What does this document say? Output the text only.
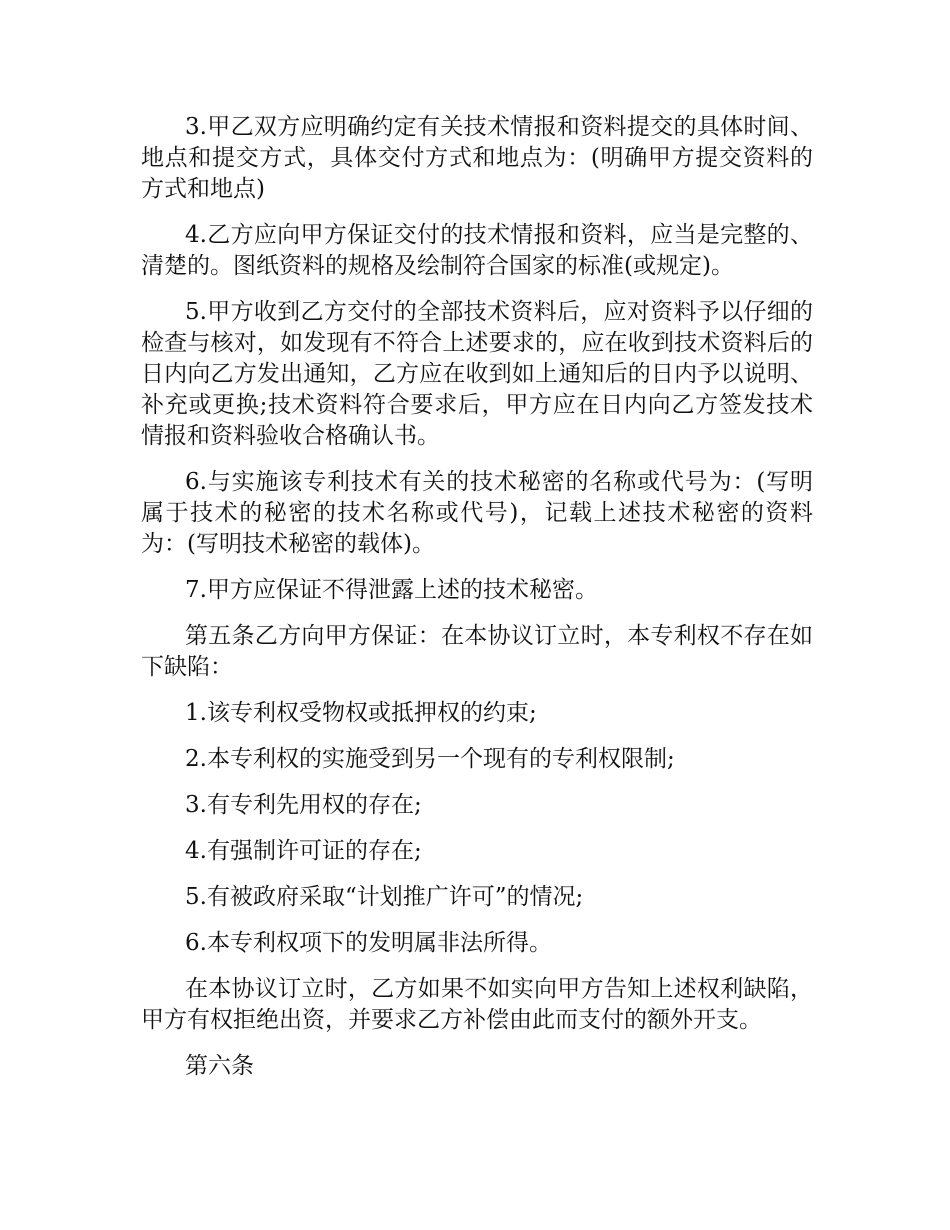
3.甲乙双方应明确约定有关技术情报和资料提交的具体时间、地点和提交方式，具体交付方式和地点为：(明确甲方提交资料的方式和地点)

4.乙方应向甲方保证交付的技术情报和资料，应当是完整的、清楚的。图纸资料的规格及绘制符合国家的标准(或规定)。

5.甲方收到乙方交付的全部技术资料后，应对资料予以仔细的检查与核对，如发现有不符合上述要求的，应在收到技术资料后的日内向乙方发出通知，乙方应在收到如上通知后的日内予以说明、补充或更换;技术资料符合要求后，甲方应在日内向乙方签发技术情报和资料验收合格确认书。

6.与实施该专利技术有关的技术秘密的名称或代号为：(写明属于技术的秘密的技术名称或代号)，记载上述技术秘密的资料为：(写明技术秘密的载体)。

7.甲方应保证不得泄露上述的技术秘密。

第五条乙方向甲方保证：在本协议订立时，本专利权不存在如下缺陷：

1.该专利权受物权或抵押权的约束;

2.本专利权的实施受到另一个现有的专利权限制;

3.有专利先用权的存在;

4.有强制许可证的存在;

5.有被政府采取“计划推广许可”的情况;

6.本专利权项下的发明属非法所得。

在本协议订立时，乙方如果不如实向甲方告知上述权利缺陷，甲方有权拒绝出资，并要求乙方补偿由此而支付的额外开支。

第六条
